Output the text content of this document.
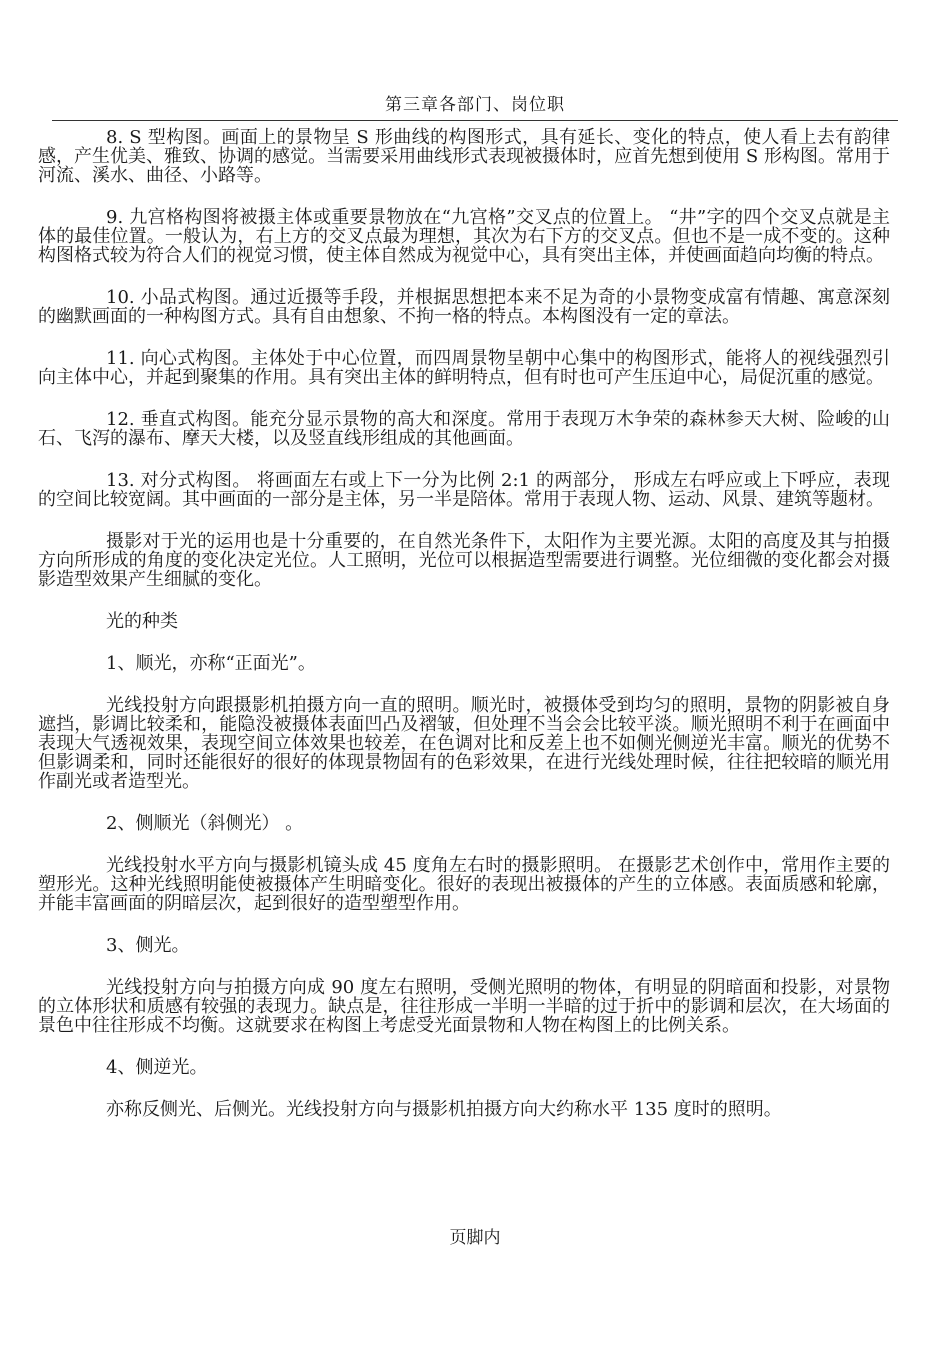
第三章各部门、岗位职

8. S 型构图。画面上的景物呈 S 形曲线的构图形式，具有延长、变化的特点，使人看上去有韵律感，产生优美、雅致、协调的感觉。当需要采用曲线形式表现被摄体时，应首先想到使用 S 形构图。常用于河流、溪水、曲径、小路等。

9. 九宫格构图将被摄主体或重要景物放在“九宫格”交叉点的位置上。 “井”字的四个交叉点就是主体的最佳位置。一般认为，右上方的交叉点最为理想，其次为右下方的交叉点。但也不是一成不变的。这种构图格式较为符合人们的视觉习惯，使主体自然成为视觉中心，具有突出主体，并使画面趋向均衡的特点。

10. 小品式构图。通过近摄等手段，并根据思想把本来不足为奇的小景物变成富有情趣、寓意深刻的幽默画面的一种构图方式。具有自由想象、不拘一格的特点。本构图没有一定的章法。

11. 向心式构图。主体处于中心位置，而四周景物呈朝中心集中的构图形式，能将人的视线强烈引向主体中心，并起到聚集的作用。具有突出主体的鲜明特点，但有时也可产生压迫中心，局促沉重的感觉。

12. 垂直式构图。能充分显示景物的高大和深度。常用于表现万木争荣的森林参天大树、险峻的山石、飞泻的瀑布、摩天大楼，以及竖直线形组成的其他画面。

13. 对分式构图。 将画面左右或上下一分为比例 2:1 的两部分， 形成左右呼应或上下呼应，表现的空间比较宽阔。其中画面的一部分是主体，另一半是陪体。常用于表现人物、运动、风景、建筑等题材。

摄影对于光的运用也是十分重要的，在自然光条件下，太阳作为主要光源。太阳的高度及其与拍摄方向所形成的角度的变化决定光位。人工照明，光位可以根据造型需要进行调整。光位细微的变化都会对摄影造型效果产生细腻的变化。

光的种类

1、顺光，亦称“正面光”。

光线投射方向跟摄影机拍摄方向一直的照明。顺光时，被摄体受到均匀的照明，景物的阴影被自身遮挡，影调比较柔和，能隐没被摄体表面凹凸及褶皱，但处理不当会会比较平淡。顺光照明不利于在画面中表现大气透视效果，表现空间立体效果也较差，在色调对比和反差上也不如侧光侧逆光丰富。顺光的优势不但影调柔和，同时还能很好的很好的体现景物固有的色彩效果，在进行光线处理时候，往往把较暗的顺光用作副光或者造型光。

2、侧顺光（斜侧光） 。

光线投射水平方向与摄影机镜头成 45 度角左右时的摄影照明。 在摄影艺术创作中，常用作主要的塑形光。这种光线照明能使被摄体产生明暗变化。很好的表现出被摄体的产生的立体感。表面质感和轮廓，并能丰富画面的阴暗层次，起到很好的造型塑型作用。

3、侧光。

光线投射方向与拍摄方向成 90 度左右照明，受侧光照明的物体，有明显的阴暗面和投影，对景物的立体形状和质感有较强的表现力。缺点是，往往形成一半明一半暗的过于折中的影调和层次，在大场面的景色中往往形成不均衡。这就要求在构图上考虑受光面景物和人物在构图上的比例关系。

4、侧逆光。

亦称反侧光、后侧光。光线投射方向与摄影机拍摄方向大约称水平 135 度时的照明。

页脚内
